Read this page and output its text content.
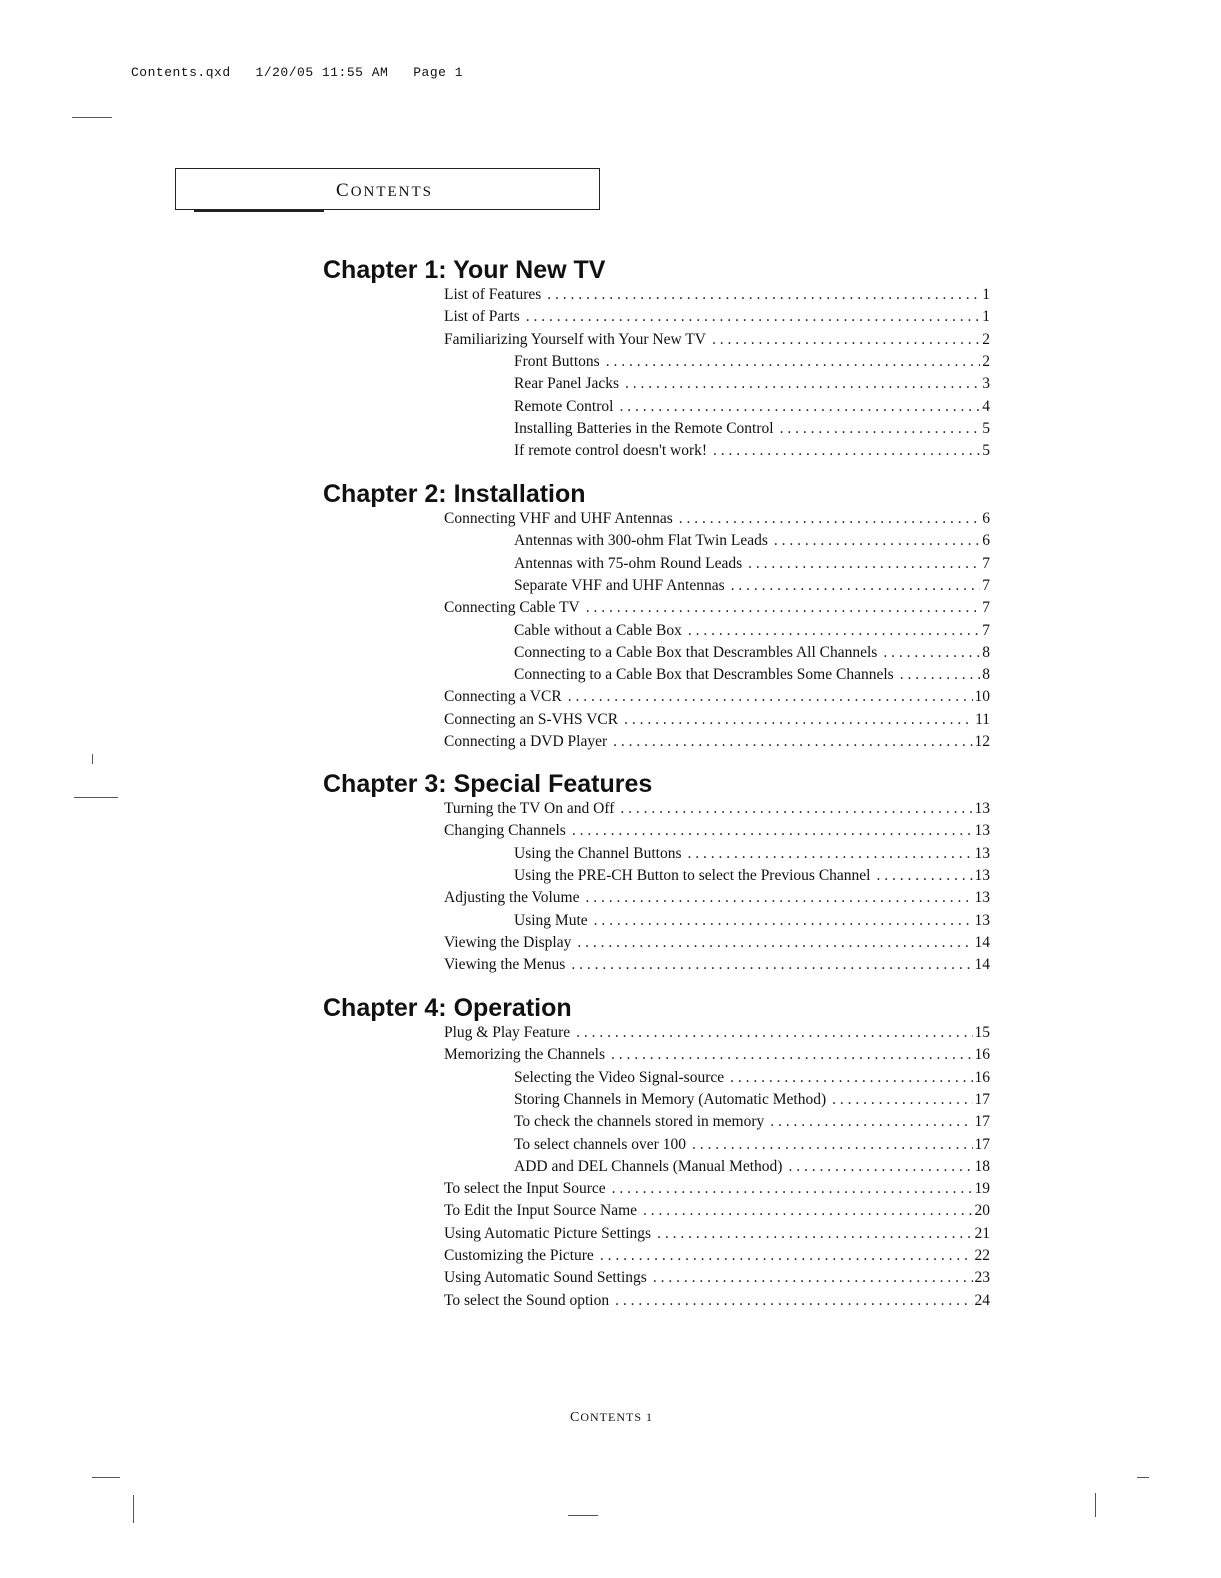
Contents.qxd   1/20/05 11:55 AM   Page 1
CONTENTS
Chapter 1: Your New TV
List of Features . . .	1
List of Parts . . .	1
Familiarizing Yourself with Your New TV . . .	2
Front Buttons . . .	2
Rear Panel Jacks . . .	3
Remote Control . . .	4
Installing Batteries in the Remote Control . . .	5
If remote control doesn't work! . . .	5
Chapter 2: Installation
Connecting VHF and UHF Antennas . . .	6
Antennas with 300-ohm Flat Twin Leads . . .	6
Antennas with 75-ohm Round Leads . . .	7
Separate VHF and UHF Antennas . . .	7
Connecting Cable TV . . .	7
Cable without a Cable Box . . .	7
Connecting to a Cable Box that Descrambles All Channels . . .	8
Connecting to a Cable Box that Descrambles Some Channels . . .	8
Connecting a VCR . . .	10
Connecting an S-VHS VCR . . .	11
Connecting a DVD Player . . .	12
Chapter 3: Special Features
Turning the TV On and Off . . .	13
Changing Channels . . .	13
Using the Channel Buttons . . .	13
Using the PRE-CH Button to select the Previous Channel . . .	13
Adjusting the Volume . . .	13
Using Mute . . .	13
Viewing the Display . . .	14
Viewing the Menus . . .	14
Chapter 4: Operation
Plug & Play Feature . . .	15
Memorizing the Channels . . .	16
Selecting the Video Signal-source . . .	16
Storing Channels in Memory (Automatic Method) . . .	17
To check the channels stored in memory . . .	17
To select channels over 100 . . .	17
ADD and DEL Channels (Manual Method) . . .	18
To select the Input Source . . .	19
To Edit the Input Source Name . . .	20
Using Automatic Picture Settings . . .	21
Customizing the Picture . . .	22
Using Automatic Sound Settings . . .	23
To select the Sound option . . .	24
CONTENTS 1
